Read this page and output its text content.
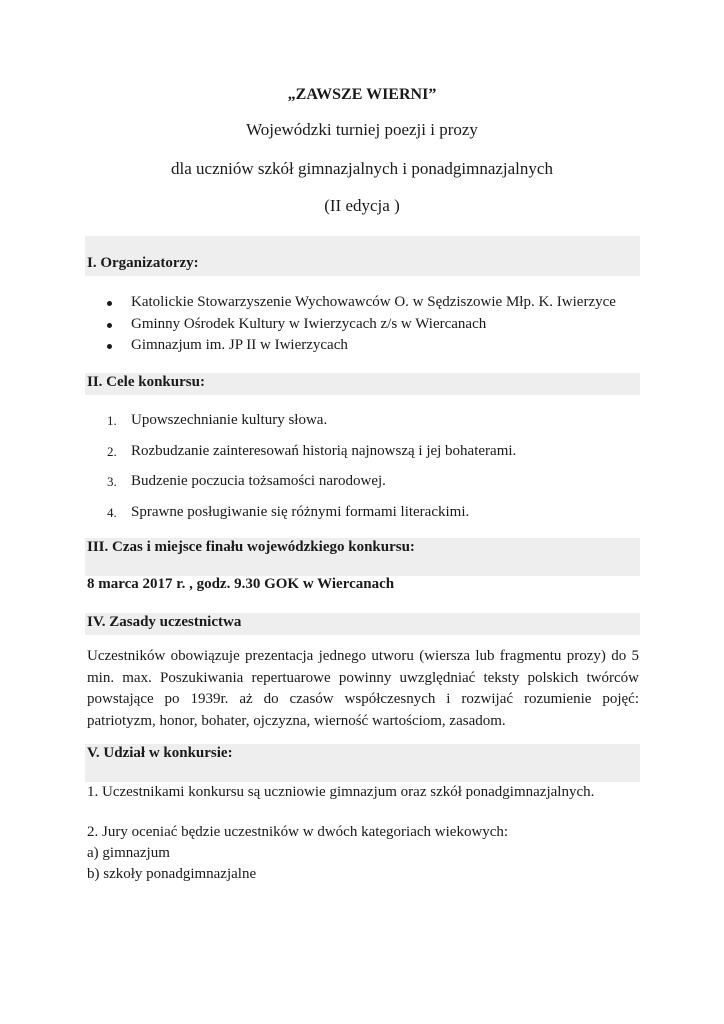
„ZAWSZE WIERNI”
Wojewódzki turniej poezji i prozy
dla uczniów szkół gimnazjalnych i ponadgimnazjalnych
(II edycja )
I. Organizatorzy:
Katolickie Stowarzyszenie Wychowawców O. w Sędziszowie Młp. K. Iwierzyce
Gminny Ośrodek Kultury w Iwierzycach z/s w Wiercanach
Gimnazjum im. JP II w Iwierzycach
II. Cele konkursu:
1. Upowszechnianie kultury słowa.
2. Rozbudzanie zainteresowań historią najnowszą i jej bohaterami.
3. Budzenie poczucia tożsamości narodowej.
4. Sprawne posługiwanie się różnymi formami literackimi.
III. Czas i miejsce finału wojewódzkiego konkursu:
8 marca 2017 r. , godz. 9.30 GOK w Wiercanach
IV. Zasady uczestnictwa
Uczestników obowiązuje prezentacja jednego utworu (wiersza lub fragmentu prozy) do 5 min. max. Poszukiwania repertuarowe powinny uwzględniać teksty polskich twórców powstające po 1939r. aż do czasów współczesnych i rozwijać rozumienie pojęć: patriotyzm, honor, bohater, ojczyzna, wierność wartościom, zasadom.
V. Udział w konkursie:
1. Uczestnikami konkursu są uczniowie gimnazjum oraz szkół ponadgimnazjalnych.
2. Jury oceniać będzie uczestników w dwóch kategoriach wiekowych:
a) gimnazjum
b) szkoły ponadgimnazjalne
